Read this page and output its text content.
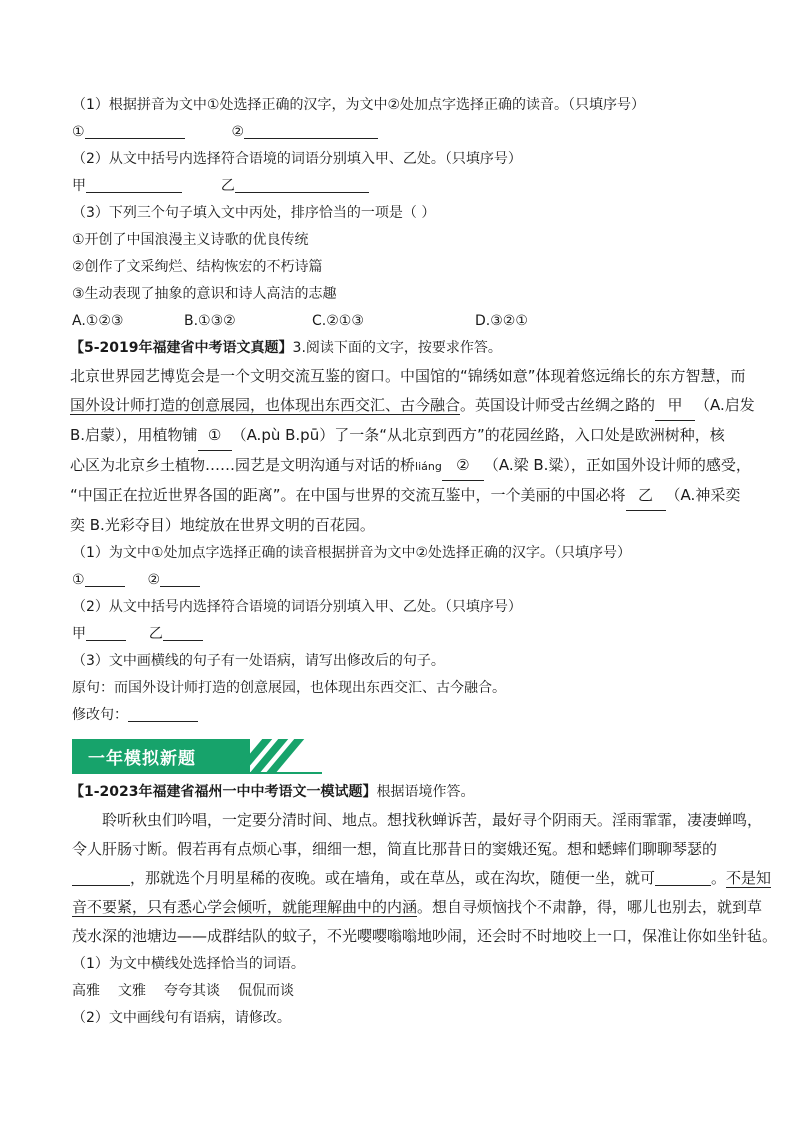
（1）根据拼音为文中①处选择正确的汉字，为文中②处加点字选择正确的读音。（只填序号）
①	②
（2）从文中括号内选择符合语境的词语分别填入甲、乙处。（只填序号）
甲	乙
（3）下列三个句子填入文中丙处，排序恰当的一项是（ ）
①开创了中国浪漫主义诗歌的优良传统
②创作了文采绚烂、结构恢宏的不朽诗篇
③生动表现了抽象的意识和诗人高洁的志趣
A.①②③	B.①③②	C.②①③	D.③②①
【5-2019年福建省中考语文真题】3.阅读下面的文字，按要求作答。
北京世界园艺博览会是一个文明交流互鉴的窗口。中国馆的“锦绣如意”体现着悠远绵长的东方智慧，而
国外设计师打造的创意展园，也体现出东西交汇、古今融合。英国设计师受古丝绸之路的 甲 （A.启发
B.启蒙），用植物铺 ① （A.pù B.pū）了一条“从北京到西方”的花园丝路，入口处是欧洲树种，核
心区为北京乡土植物……园艺是文明沟通与对话的桥liáng ② （A.梁 B.粱），正如国外设计师的感受，
“中国正在拉近世界各国的距离”。在中国与世界的交流互鉴中，一个美丽的中国必将 乙 （A.神采奕
奕 B.光彩夺目）地绽放在世界文明的百花园。
（1）为文中①处加点字选择正确的读音根据拼音为文中②处选择正确的汉字。（只填序号）
①	②
（2）从文中括号内选择符合语境的词语分别填入甲、乙处。（只填序号）
甲	乙
（3）文中画横线的句子有一处语病，请写出修改后的句子。
原句：而国外设计师打造的创意展园，也体现出东西交汇、古今融合。
修改句：
一年模拟新题
【1-2023年福建省福州一中中考语文一模试题】根据语境作答。
聆听秋虫们吟唱，一定要分清时间、地点。想找秋蝉诉苦，最好寻个阴雨天。淫雨霏霏，凄凄蝉鸣，
令人肝肠寸断。假若再有点烦心事，细细一想，简直比那昔日的窦娥还冤。想和蟋蟀们聊聊琴瑟的
，那就选个月明星稀的夜晚。或在墙角，或在草丛，或在沟坎，随便一坐，就可	。不是知
音不要紧，只有悉心学会倾听，就能理解曲中的内涵。想自寻烦恼找个不肃静，得，哪儿也别去，就到草
茂水深的池塘边——成群结队的蚊子，不光嘤嘤嗡嗡地吵闹，还会时不时地咬上一口，保准让你如坐针毡。
（1）为文中横线处选择恰当的词语。
高雅 文雅 夸夸其谈 侃侃而谈
（2）文中画线句有语病，请修改。
